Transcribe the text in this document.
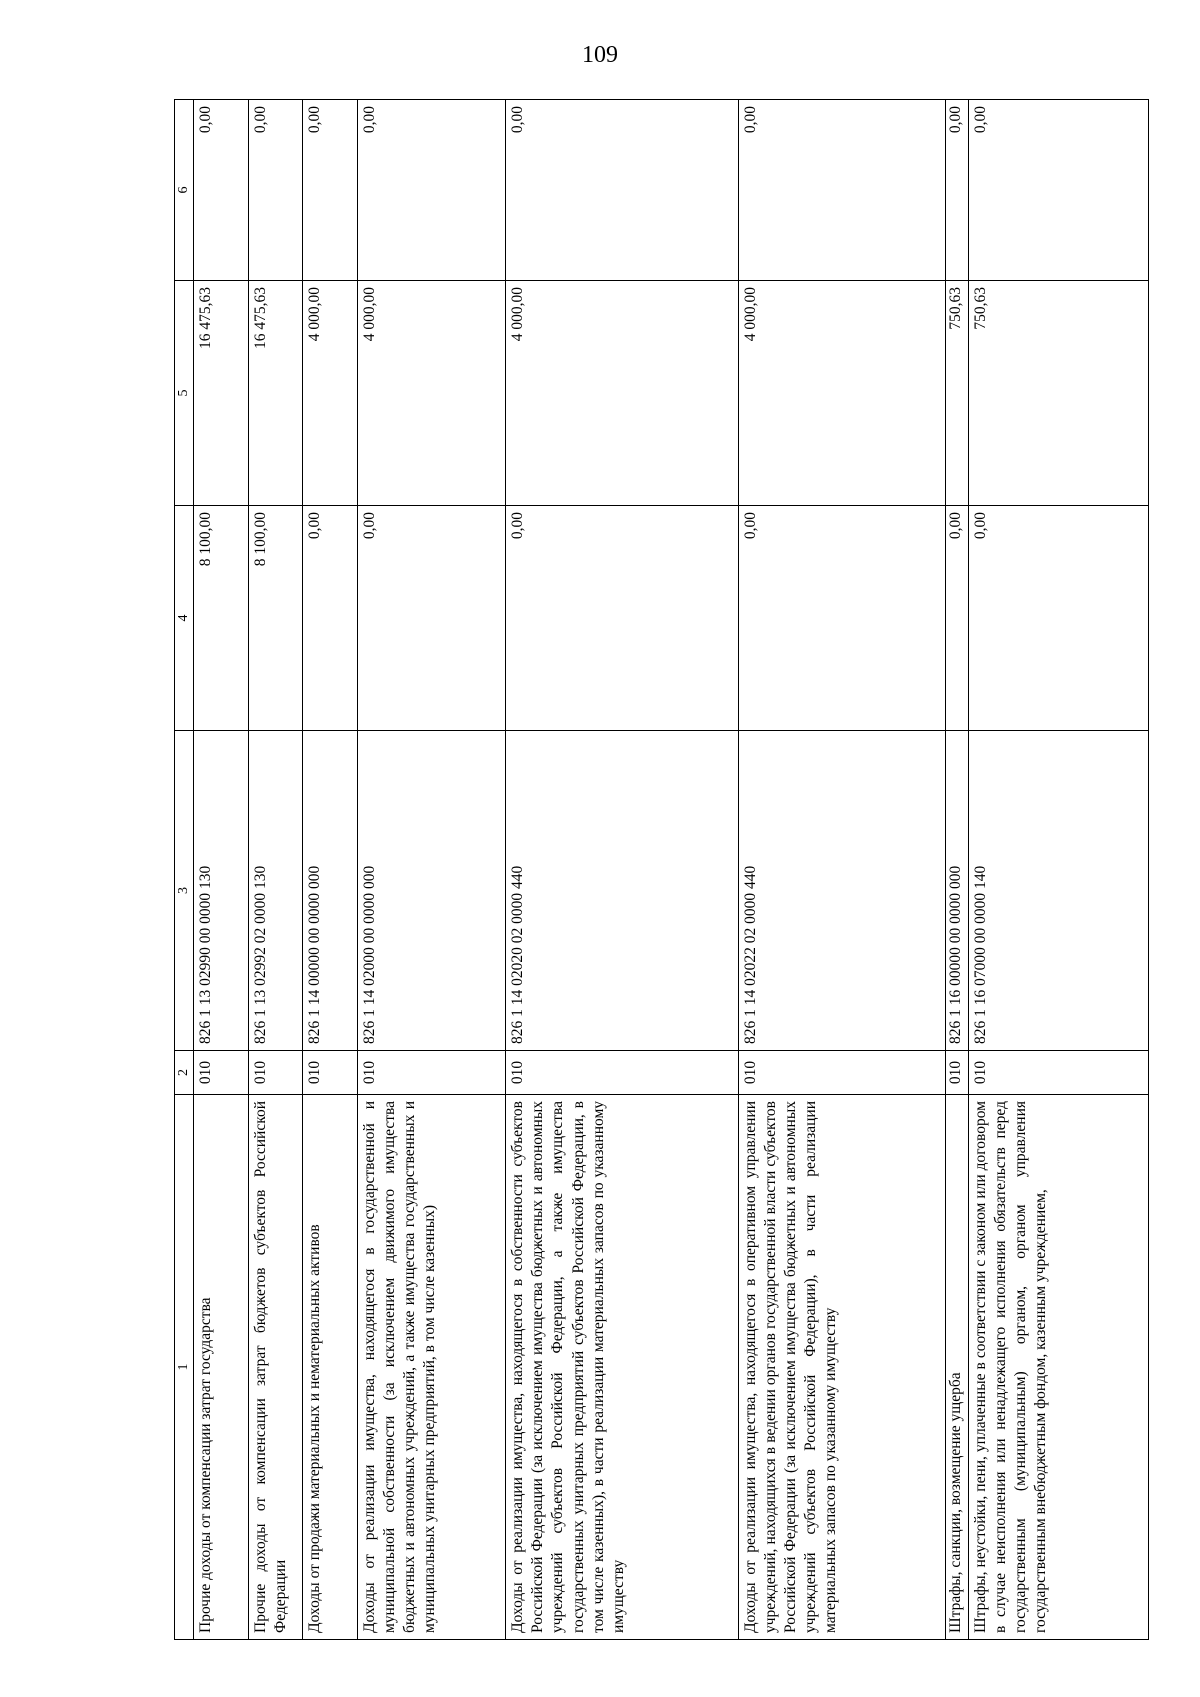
109
1	2	3	4	5	6
Прочие доходы от компенсации затрат государства	010	826 1 13 02990 00 0000 130	8 100,00	16 475,63	0,00
Прочие доходы от компенсации затрат бюджетов субъектов Российской Федерации	010	826 1 13 02992 02 0000 130	8 100,00	16 475,63	0,00
Доходы от продажи материальных и нематериальных активов	010	826 1 14 00000 00 0000 000	0,00	4 000,00	0,00
Доходы от реализации имущества, находящегося в государственной и муниципальной собственности (за исключением движимого имущества бюджетных и автономных учреждений, а также имущества государственных и муниципальных унитарных предприятий, в том числе казенных)	010	826 1 14 02000 00 0000 000	0,00	4 000,00	0,00
Доходы от реализации имущества, находящегося в собственности субъектов Российской Федерации (за исключением имущества бюджетных и автономных учреждений субъектов Российской Федерации, а также имущества государственных унитарных предприятий субъектов Российской Федерации, в том числе казенных), в части реализации материальных запасов по указанному имуществу	010	826 1 14 02020 02 0000 440	0,00	4 000,00	0,00
Доходы от реализации имущества, находящегося в оперативном управлении учреждений, находящихся в ведении органов государственной власти субъектов Российской Федерации (за исключением имущества бюджетных и автономных учреждений субъектов Российской Федерации), в части реализации материальных запасов по указанному имуществу	010	826 1 14 02022 02 0000 440	0,00	4 000,00	0,00
Штрафы, санкции, возмещение ущерба	010	826 1 16 00000 00 0000 000	0,00	750,63	0,00
Штрафы, неустойки, пени, уплаченные в соответствии с законом или договором в случае неисполнения или ненадлежащего исполнения обязательств перед государственным (муниципальным) органом, органом управления государственным внебюджетным фондом, казенным учреждением,	010	826 1 16 07000 00 0000 140	0,00	750,63	0,00
